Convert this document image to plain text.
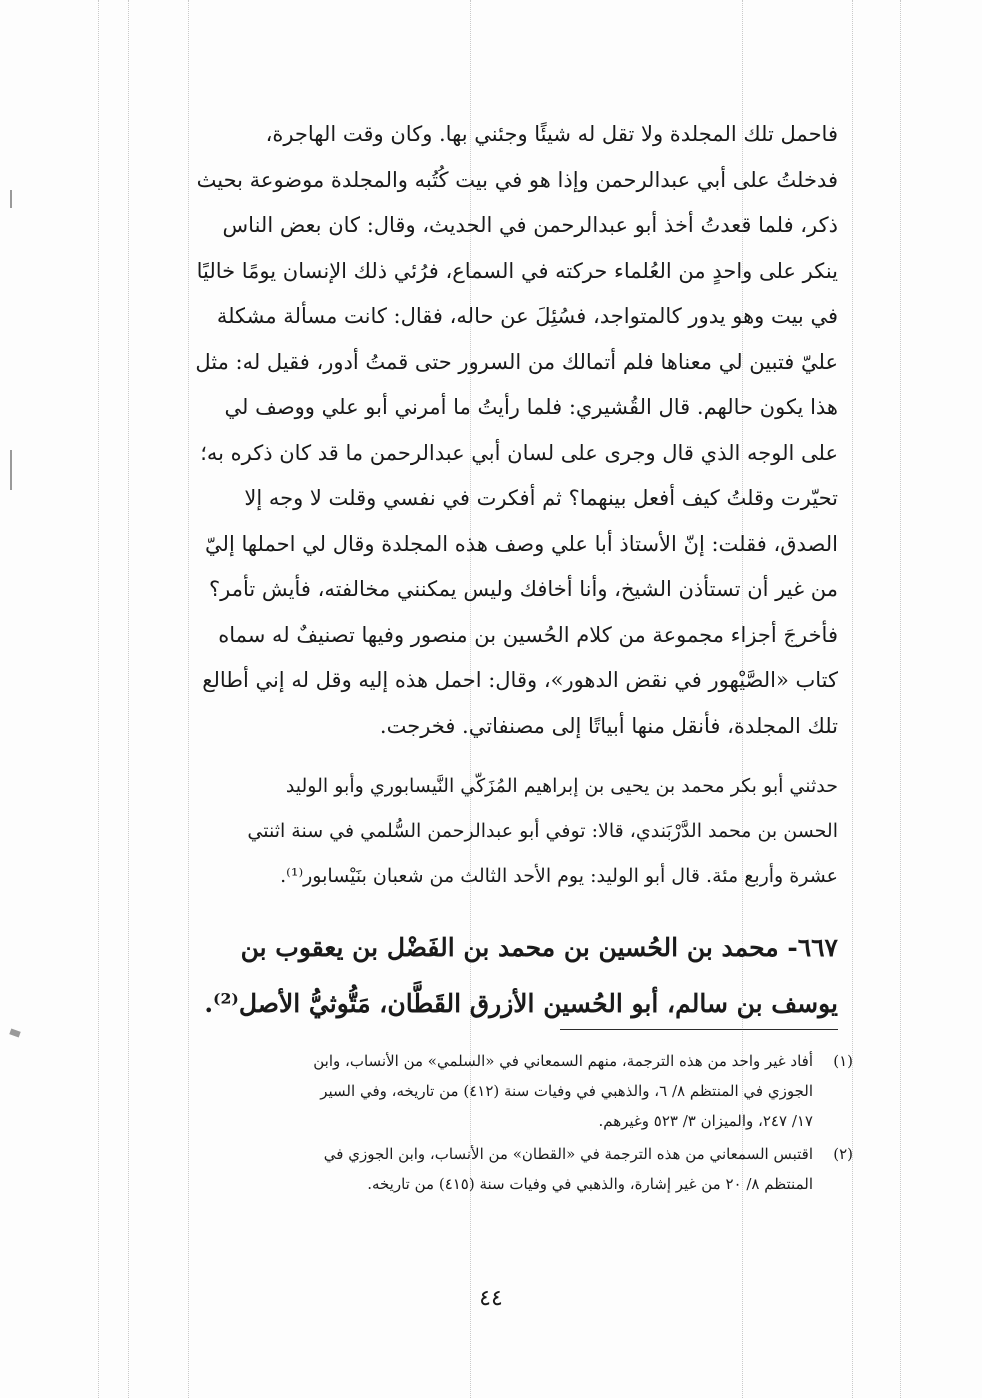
فاحمل تلك المجلدة ولا تقل له شيئًا وجئني بها. وكان وقت الهاجرة،

فدخلتُ على أبي عبدالرحمن وإذا هو في بيت كُتُبه والمجلدة موضوعة بحيث

ذكر، فلما قعدتُ أخذ أبو عبدالرحمن في الحديث، وقال: كان بعض الناس

ينكر على واحدٍ من العُلماء حركته في السماع، فرُئي ذلك الإنسان يومًا خاليًا

في بيت وهو يدور كالمتواجد، فسُئِلَ عن حاله، فقال: كانت مسألة مشكلة

عليّ فتبين لي معناها فلم أتمالك من السرور حتى قمتُ أدور، فقيل له: مثل

هذا يكون حالهم. قال القُشيري: فلما رأيتُ ما أمرني أبو علي ووصف لي

على الوجه الذي قال وجرى على لسان أبي عبدالرحمن ما قد كان ذكره به؛

تحيّرت وقلتُ كيف أفعل بينهما؟ ثم أفكرت في نفسي وقلت لا وجه إلا

الصدق، فقلت: إنّ الأستاذ أبا علي وصف هذه المجلدة وقال لي احملها إليّ

من غير أن تستأذن الشيخ، وأنا أخافك وليس يمكنني مخالفته، فأيش تأمر؟

فأخرجَ أجزاء مجموعة من كلام الحُسين بن منصور وفيها تصنيفٌ له سماه

كتاب «الصَّيْهور في نقض الدهور»، وقال: احمل هذه إليه وقل له إني أطالع

تلك المجلدة، فأنقل منها أبياتًا إلى مصنفاتي. فخرجت.

حدثني أبو بكر محمد بن يحيى بن إبراهيم المُزَكّي النَّيسابوري وأبو الوليد

الحسن بن محمد الدَّرْبَندي، قالا: توفي أبو عبدالرحمن السُّلمي في سنة اثنتي

عشرة وأربع مئة. قال أبو الوليد: يوم الأحد الثالث من شعبان بنَيْسابور⁽¹⁾.

٦٦٧- محمد بن الحُسين بن محمد بن الفَضْل بن يعقوب بن

يوسف بن سالم، أبو الحُسين الأزرق القَطَّان، مَتُّوثيُّ الأصل⁽²⁾.

(١)
أفاد غير واحد من هذه الترجمة، منهم السمعاني في «السلمي» من الأنساب، وابن
الجوزي في المنتظم ٨/ ٦، والذهبي في وفيات سنة (٤١٢) من تاريخه، وفي السير
١٧/ ٢٤٧، والميزان ٣/ ٥٢٣ وغيرهم.
(٢)
اقتبس السمعاني من هذه الترجمة في «القطان» من الأنساب، وابن الجوزي في
المنتظم ٨/ ٢٠ من غير إشارة، والذهبي في وفيات سنة (٤١٥) من تاريخه.
٤٤
